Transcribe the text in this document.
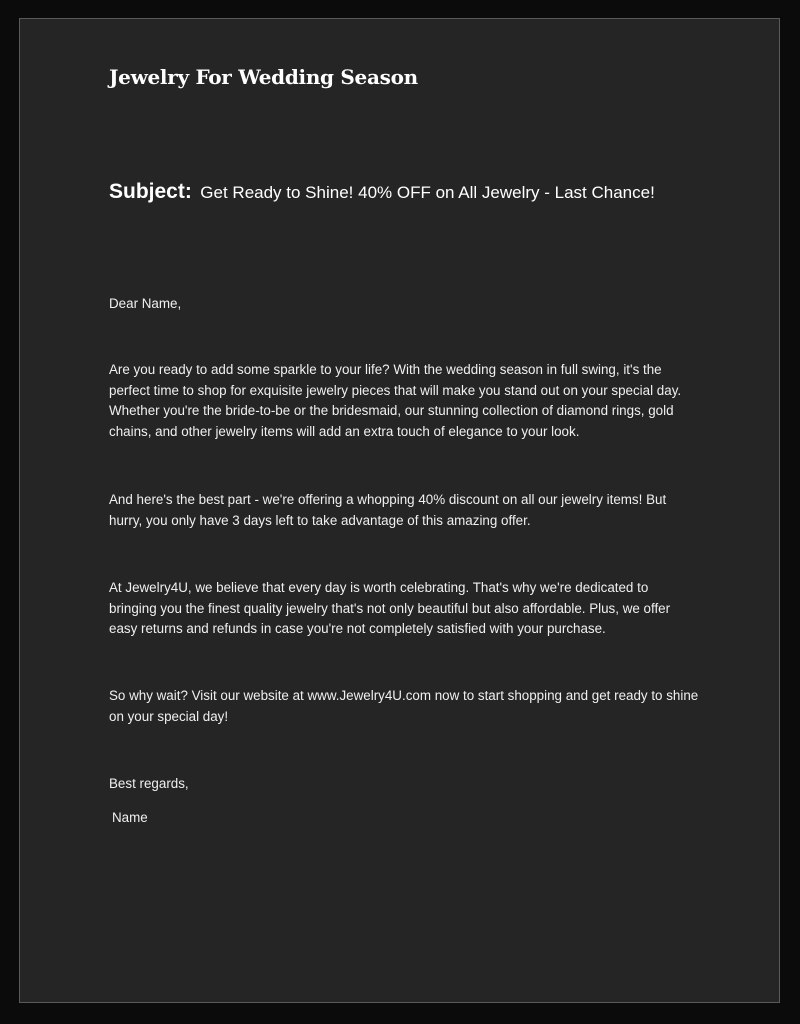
Jewelry For Wedding Season

Subject: Get Ready to Shine! 40% OFF on All Jewelry - Last Chance!

Dear Name,

Are you ready to add some sparkle to your life? With the wedding season in full swing, it's the perfect time to shop for exquisite jewelry pieces that will make you stand out on your special day. Whether you're the bride-to-be or the bridesmaid, our stunning collection of diamond rings, gold chains, and other jewelry items will add an extra touch of elegance to your look.

And here's the best part - we're offering a whopping 40% discount on all our jewelry items! But hurry, you only have 3 days left to take advantage of this amazing offer.

At Jewelry4U, we believe that every day is worth celebrating. That's why we're dedicated to bringing you the finest quality jewelry that's not only beautiful but also affordable. Plus, we offer easy returns and refunds in case you're not completely satisfied with your purchase.

So why wait? Visit our website at www.Jewelry4U.com now to start shopping and get ready to shine on your special day!

Best regards,

Name
